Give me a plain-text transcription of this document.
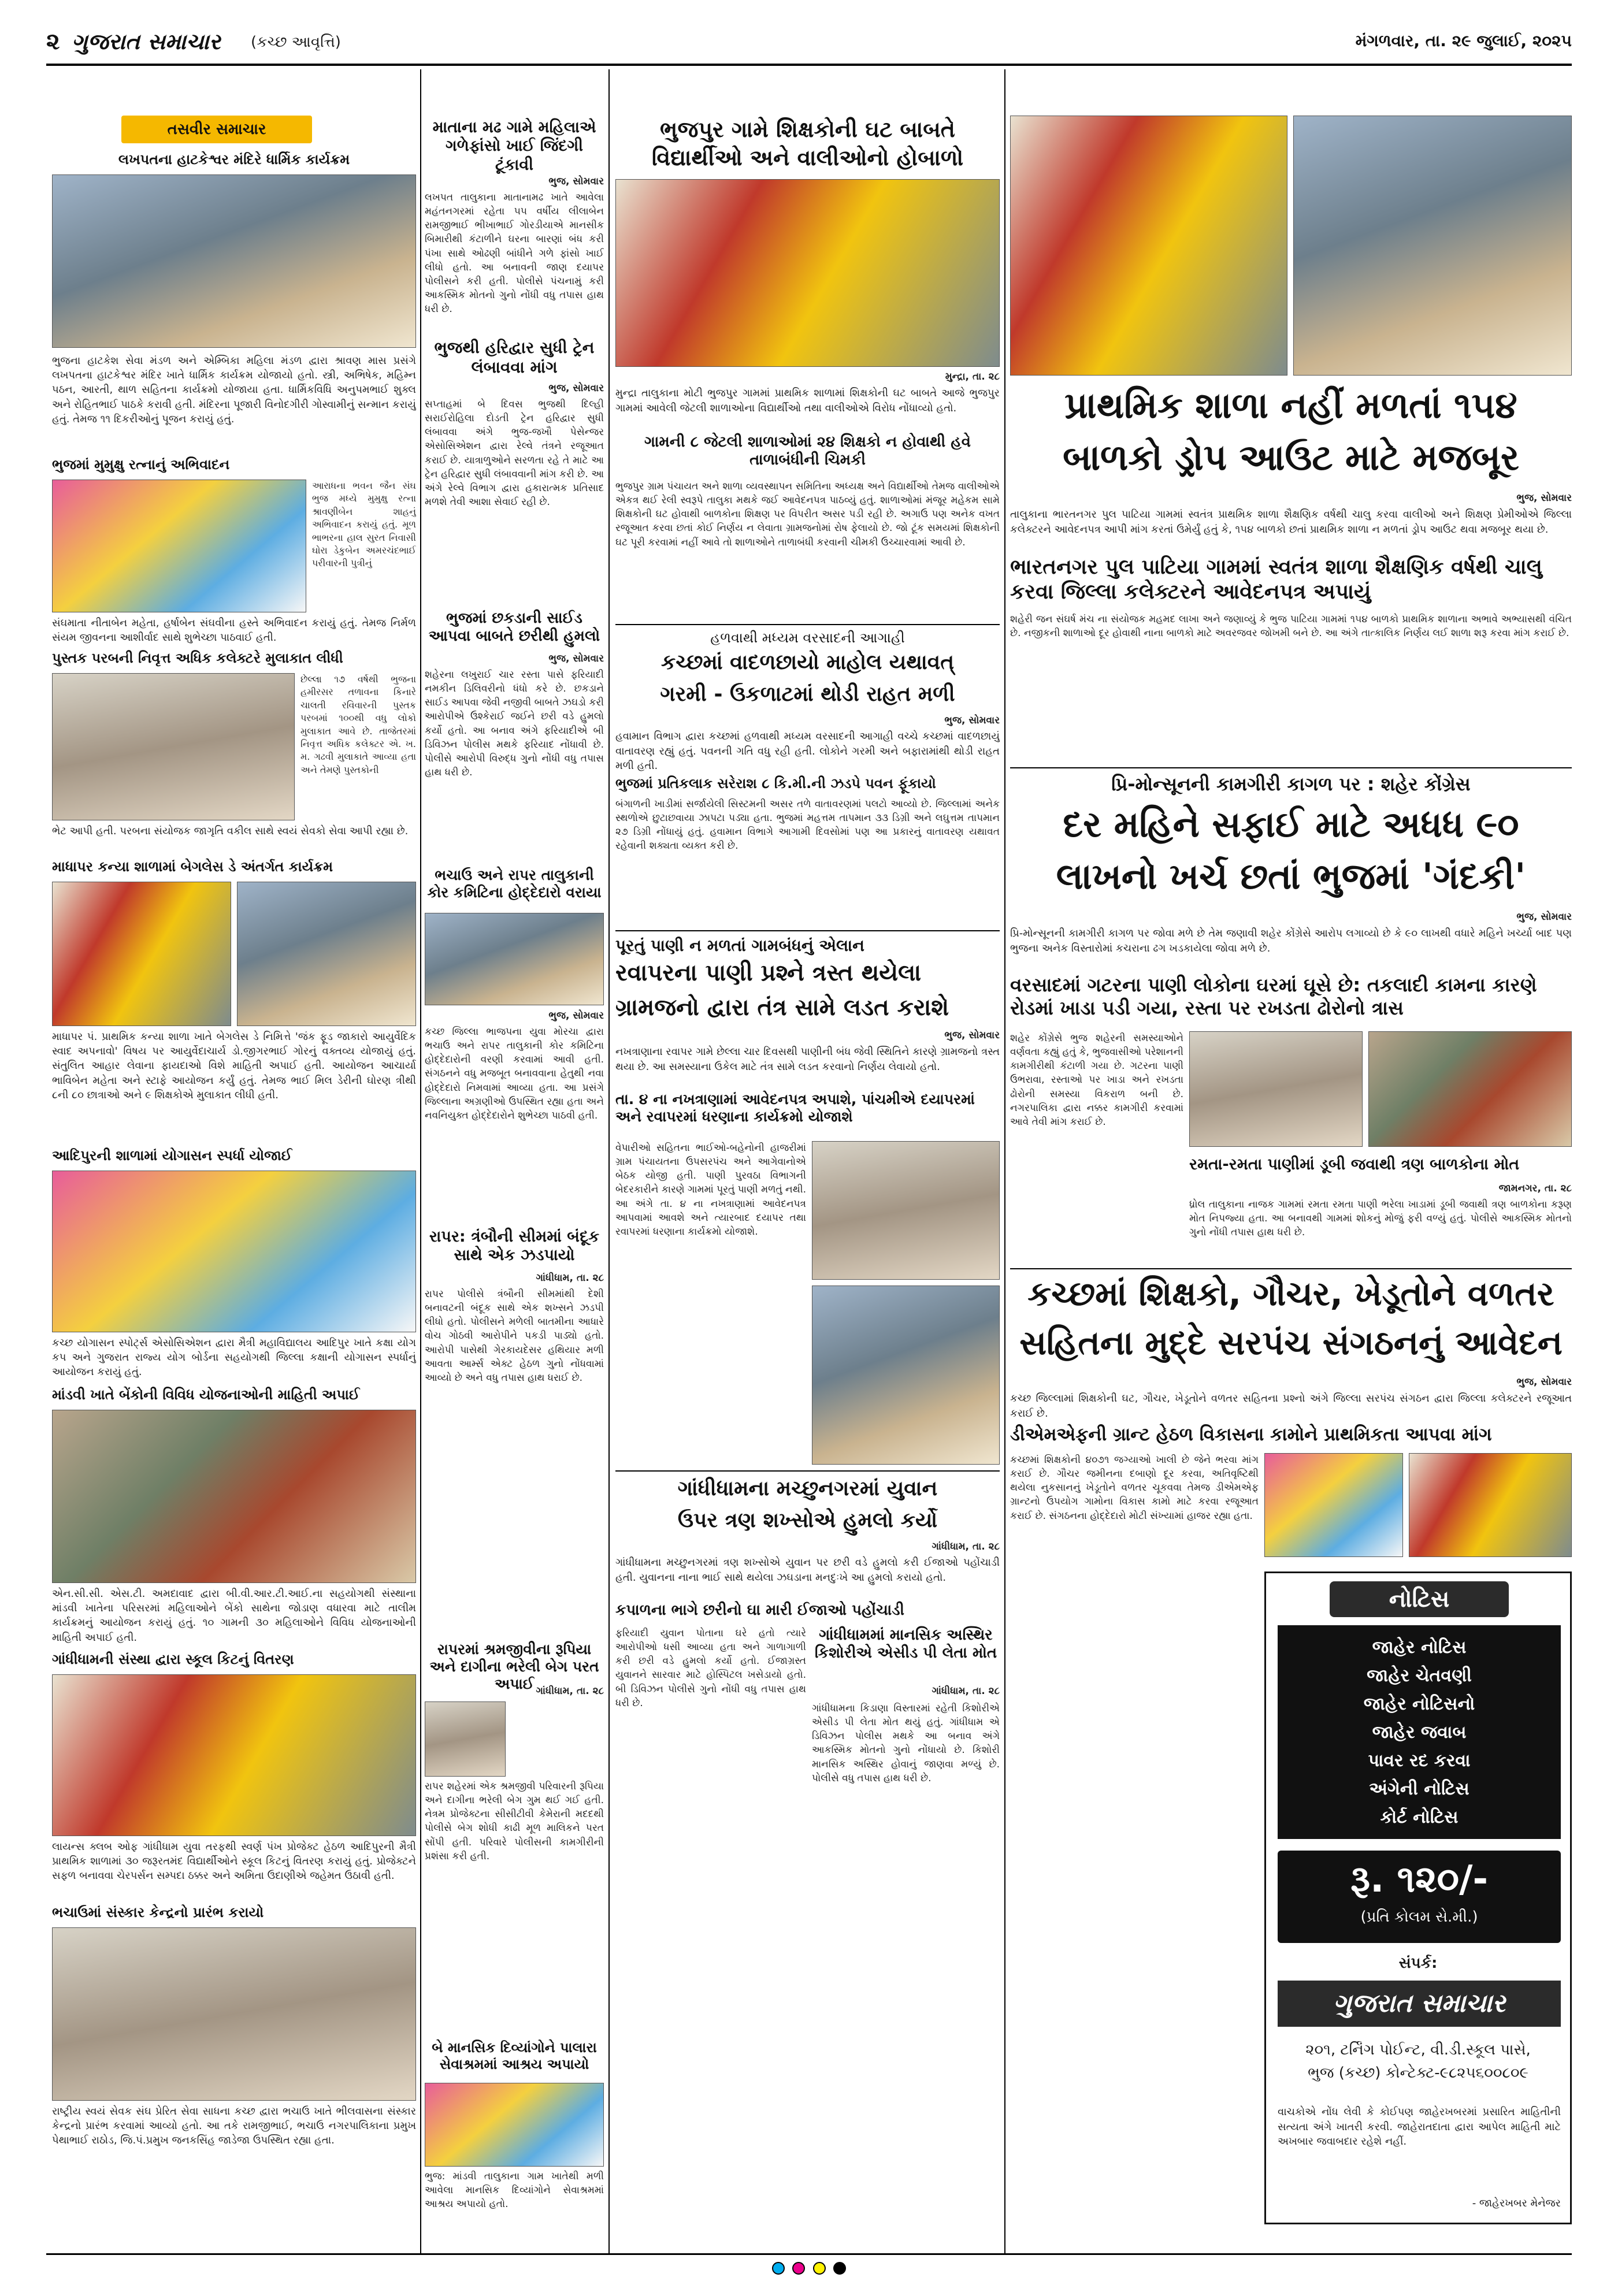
૨ ગુજરાત સમાચાર (કચ્છ આવૃત્તિ)	મંગળવાર, તા. ૨૯ જુલાઈ, ૨૦૨૫
તસવીર સમાચાર
લખપતના હાટકેશ્વર મંદિરે ધાર્મિક કાર્યક્રમ
ભુજના હાટકેશ સેવા મંડળ અને એમ્બિકા મહિલા મંડળ દ્વારા શ્રાવણ માસ પ્રસંગે લખપતના હાટકેશ્વર મંદિર ખાતે ધાર્મિક કાર્યક્રમ યોજાયો હતો. સ્ત્રી, અભિષેક, મહિમ્ન પઠન, આરતી, થાળ સહિતના કાર્યક્રમો યોજાયા હતા. ધાર્મિકવિધિ અનુપમભાઈ શુક્લ અને રોહિતભાઈ પાઠકે કરાવી હતી. મંદિરના પૂજારી વિનોદગીરી ગોસ્વામીનું સન્માન કરાયું હતું. તેમજ ૧૧ દિકરીઓનું પૂજન કરાયું હતું.
ભુજમાં મુમુક્ષુ રત્નાનું અભિવાદન
આરાધના ભવન જૈન સંઘ ભુજ મધ્યે મુમુક્ષુ રત્ના શ્રાવણીબેન શાહનું અભિવાદન કરાયું હતું. મૂળ ભાભરના હાલ સુરત નિવાસી ઘોરા ડેકુબેન અમરચંદભાઈ પરીવારની પુત્રીનું
સંઘમાતા નીતાબેન મહેતા, હર્ષાબેન સંઘવીના હસ્તે અભિવાદન કરાયું હતું. તેમજ નિર્મળ સંયમ જીવનના આશીર્વાદ સાથે શુભેચ્છા પાઠવાઈ હતી.
પુસ્તક પરબની નિવૃત્ત અધિક કલેક્ટરે મુલાકાત લીધી
છેલ્લા ૧૭ વર્ષથી ભુજના હમીરસર તળાવના કિનારે ચાલતી રવિવારની પુસ્તક પરબમાં ૧૦૦થી વધુ લોકો મુલાકાત આવે છે. તાજેતરમાં નિવૃત્ત અધિક કલેક્ટર એ. ખ. મ. ગઢવી મુલાકાતે આવ્યા હતા અને તેમણે પુસ્તકોની
ભેટ આપી હતી. પરબના સંયોજક જાગૃતિ વકીલ સાથે સ્વયં સેવકો સેવા આપી રહ્યા છે.
માધાપર કન્યા શાળામાં બેગલેસ ડે અંતર્ગત કાર્યક્રમ
માધાપર પં. પ્રાથમિક કન્યા શાળા ખાતે બેગલેસ ડે નિમિત્તે 'જંક ફૂડ જાકારો આયુર્વેદિક સ્વાદ અપનાવો' વિષય પર આયુર્વેદાચાર્ય ડો.જીગરભાઈ ગોરનું વક્તવ્ય યોજાયું હતું. સંતુલિત આહાર લેવાના ફાયદાઓ વિશે માહિતી અપાઈ હતી. આયોજન આચાર્યા ભાવિબેન મહેતા અને સ્ટાફે આયોજન કર્યું હતું. તેમજ ભાઈ મિલ ડેરીની ઘોરણ ત્રીથી ૮ની ૮૦ છાત્રાઓ અને ૯ શિક્ષકોએ મુલાકાત લીધી હતી.
આદિપુરની શાળામાં યોગાસન સ્પર્ધા યોજાઈ
કચ્છ યોગાસન સ્પોર્ટ્સ એસોસિએશન દ્વારા મૈત્રી મહાવિદ્યાલય આદિપુર ખાતે કક્ષા યોગ કપ અને ગુજરાત રાજ્ય યોગ બોર્ડના સહયોગથી જિલ્લા કક્ષાની યોગાસન સ્પર્ધાનું આયોજન કરાયું હતું.
માંડવી ખાતે બેંકોની વિવિધ યોજનાઓની માહિતી અપાઈ
એન.સી.સી. એસ.ટી. અમદાવાદ દ્વારા બી.વી.આર.ટી.આઈ.ના સહયોગથી સંસ્થાના માંડવી ખાતેના પરિસરમાં મહિલાઓને બેંકો સાથેના જોડાણ વધારવા માટે તાલીમ કાર્યક્રમનું આયોજન કરાયું હતું. ૧૦ ગામની ૩૦ મહિલાઓને વિવિધ યોજનાઓની માહિતી અપાઈ હતી.
ગાંધીધામની સંસ્થા દ્વારા સ્કૂલ કિટનું વિતરણ
લાયન્સ ક્લબ ઓફ ગાંધીધામ યુવા તરફથી સ્વર્ણ પંખ પ્રોજેક્ટ હેઠળ આદિપુરની મૈત્રી પ્રાથમિક શાળામાં ૩૦ જરૂરતમંદ વિદ્યાર્થીઓને સ્કૂલ કિટનું વિતરણ કરાયું હતું. પ્રોજેક્ટને સફળ બનાવવા ચેરપર્સન સમ્પદા ઠક્કર અને અમિતા ઉદાણીએ જહેમત ઉઠાવી હતી.
ભચાઉમાં સંસ્કાર કેન્દ્રનો પ્રારંભ કરાયો
રાષ્ટ્રીય સ્વયં સેવક સંઘ પ્રેરિત સેવા સાધના કચ્છ દ્વારા ભચાઉ ખાતે ભીલવાસના સંસ્કાર કેન્દ્રનો પ્રારંભ કરવામાં આવ્યો હતો. આ તકે રામજીભાઈ, ભચાઉ નગરપાલિકાના પ્રમુખ પેથાભાઈ રાઠોડ, જિ.પં.પ્રમુખ જનકસિંહ જાડેજા ઉપસ્થિત રહ્યા હતા.
માતાના મઢ ગામે મહિલાએ ગળેફાંસો ખાઈ જિંદગી ટૂંકાવી
ભુજ, સોમવાર
લખપત તાલુકાના માતાનામઢ ખાતે આવેલા મહંતનગરમાં રહેતા ૫૫ વર્ષીય લીલાબેન રામજીભાઈ ભીખાભાઈ ગોરડીયાએ માનસીક બિમારીથી કંટાળીને ઘરના બારણાં બંધ કરી પંખા સાથે ઓઢણી બાંધીને ગળે ફાંસો ખાઈ લીધો હતો. આ બનાવની જાણ દયાપર પોલીસને કરી હતી. પોલીસે પંચનામું કરી આકસ્મિક મોતનો ગુનો નોંધી વધુ તપાસ હાથ ધરી છે.
ભુજથી હરિદ્વાર સુધી ટ્રેન લંબાવવા માંગ
ભુજ, સોમવાર
સપ્તાહમાં બે દિવસ ભુજથી દિલ્હી સરાઈરોહિલા દોડતી ટ્રેન હરિદ્વાર સુધી લંબાવવા અંગે ભુજ-જખૌ પેસેન્જર એસોસિએશન દ્વારા રેલ્વે તંત્રને રજૂઆત કરાઈ છે. યાત્રાળુઓને સરળતા રહે તે માટે આ ટ્રેન હરિદ્વાર સુધી લંબાવવાની માંગ કરી છે. આ અંગે રેલ્વે વિભાગ દ્વારા હકારાત્મક પ્રતિસાદ મળશે તેવી આશા સેવાઈ રહી છે.
ભુજમાં છકડાની સાઈડ આપવા બાબતે છરીથી હુમલો
ભુજ, સોમવાર
શહેરના લખુરાઈ ચાર રસ્તા પાસે ફરિયાદી નમકીન ડિલિવરીનો ધંધો કરે છે. છકડાને સાઈડ આપવા જેવી નજીવી બાબતે ઝઘડો કરી આરોપીએ ઉશ્કેરાઈ જઈને છરી વડે હુમલો કર્યો હતો. આ બનાવ અંગે ફરિયાદીએ બી ડિવિઝન પોલીસ મથકે ફરિયાદ નોંધાવી છે. પોલીસે આરોપી વિરુદ્ધ ગુનો નોંધી વધુ તપાસ હાથ ધરી છે.
ભચાઉ અને રાપર તાલુકાની કોર કમિટિના હોદ્દેદારો વરાયા
ભુજ, સોમવાર
કચ્છ જિલ્લા ભાજપના યુવા મોરચા દ્વારા ભચાઉ અને રાપર તાલુકાની કોર કમિટિના હોદ્દેદારોની વરણી કરવામાં આવી હતી. સંગઠનને વધુ મજબૂત બનાવવાના હેતુથી નવા હોદ્દેદારો નિમવામાં આવ્યા હતા. આ પ્રસંગે જિલ્લાના અગ્રણીઓ ઉપસ્થિત રહ્યા હતા અને નવનિયુક્ત હોદ્દેદારોને શુભેચ્છા પાઠવી હતી.
રાપર: ત્રંબૌની સીમમાં બંદૂક સાથે એક ઝડપાયો
ગાંધીધામ, તા. ૨૮
રાપર પોલીસે ત્રંબૌની સીમમાંથી દેશી બનાવટની બંદૂક સાથે એક શખ્સને ઝડપી લીધો હતો. પોલીસને મળેલી બાતમીના આધારે વોચ ગોઠવી આરોપીને પકડી પાડ્યો હતો. આરોપી પાસેથી ગેરકાયદેસર હથિયાર મળી આવતા આર્મ્સ એક્ટ હેઠળ ગુનો નોંધવામાં આવ્યો છે અને વધુ તપાસ હાથ ધરાઈ છે.
રાપરમાં શ્રમજીવીના રૂપિયા અને દાગીના ભરેલી બેગ પરત અપાઈ ગાંધીધામ, તા. ૨૮
રાપર શહેરમાં એક શ્રમજીવી પરિવારની રૂપિયા અને દાગીના ભરેલી બેગ ગુમ થઈ ગઈ હતી. નેત્રમ પ્રોજેક્ટના સીસીટીવી કેમેરાની મદદથી પોલીસે બેગ શોધી કાઢી મૂળ માલિકને પરત સોંપી હતી. પરિવારે પોલીસની કામગીરીની પ્રશંસા કરી હતી.
બે માનસિક દિવ્યાંગોને પાલારા સેવાશ્રમમાં આશ્રય અપાયો
ભુજ: માંડવી તાલુકાના ગામ ખાતેથી મળી આવેલા માનસિક દિવ્યાંગોને સેવાશ્રમમાં આશ્રય અપાયો હતો.
ભુજપુર ગામે શિક્ષકોની ઘટ બાબતે વિદ્યાર્થીઓ અને વાલીઓનો હોબાળો
મુન્દ્રા, તા. ૨૮
મુન્દ્રા તાલુકાના મોટી ભુજપુર ગામમાં પ્રાથમિક શાળામાં શિક્ષકોની ઘટ બાબતે આજે ભુજપુર ગામમાં આવેલી જેટલી શાળાઓના વિદ્યાર્થીઓ તથા વાલીઓએ વિરોધ નોંધાવ્યો હતો.
ગામની ૮ જેટલી શાળાઓમાં ૨૪ શિક્ષકો ન હોવાથી હવે તાળાબંધીની ચિમકી
ભુજપુર ગ્રામ પંચાયત અને શાળા વ્યવસ્થાપન સમિતિના અધ્યક્ષ અને વિદ્યાર્થીઓ તેમજ વાલીઓએ એકત્ર થઈ રેલી સ્વરૂપે તાલુકા મથકે જઈ આવેદનપત્ર પાઠવ્યું હતું. શાળાઓમાં મંજૂર મહેકમ સામે શિક્ષકોની ઘટ હોવાથી બાળકોના શિક્ષણ પર વિપરીત અસર પડી રહી છે. અગાઉ પણ અનેક વખત રજૂઆત કરવા છતાં કોઈ નિર્ણય ન લેવાતા ગ્રામજનોમાં રોષ ફેલાયો છે. જો ટૂંક સમયમાં શિક્ષકોની ઘટ પૂરી કરવામાં નહીં આવે તો શાળાઓને તાળાબંધી કરવાની ચીમકી ઉચ્ચારવામાં આવી છે.
હળવાથી મધ્યમ વરસાદની આગાહી
કચ્છમાં વાદળછાયો માહોલ યથાવત્
ગરમી - ઉકળાટમાં થોડી રાહત મળી
ભુજ, સોમવાર
હવામાન વિભાગ દ્વારા કચ્છમાં હળવાથી મધ્યમ વરસાદની આગાહી વચ્ચે કચ્છમાં વાદળછાયું વાતાવરણ રહ્યું હતું. પવનની ગતિ વધુ રહી હતી. લોકોને ગરમી અને બફારામાંથી થોડી રાહત મળી હતી.
ભુજમાં પ્રતિકલાક સરેરાશ ૮ કિ.મી.ની ઝડપે પવન ફૂંકાયો
બંગાળની ખાડીમાં સર્જાયેલી સિસ્ટમની અસર તળે વાતાવરણમાં પલટો આવ્યો છે. જિલ્લામાં અનેક સ્થળોએ છુટાછવાયા ઝાપટા પડ્યા હતા. ભુજમાં મહત્તમ તાપમાન ૩૩ ડિગ્રી અને લઘુત્તમ તાપમાન ૨૭ ડિગ્રી નોંધાયું હતું. હવામાન વિભાગે આગામી દિવસોમાં પણ આ પ્રકારનું વાતાવરણ યથાવત રહેવાની શક્યતા વ્યક્ત કરી છે.
પૂરતું પાણી ન મળતાં ગામબંધનું એલાન
રવાપરના પાણી પ્રશ્ને ત્રસ્ત થયેલા
ગ્રામજનો દ્વારા તંત્ર સામે લડત કરાશે
ભુજ, સોમવાર
નખત્રાણાના રવાપર ગામે છેલ્લા ચાર દિવસથી પાણીની બંધ જેવી સ્થિતિને કારણે ગ્રામજનો ત્રસ્ત થયા છે. આ સમસ્યાના ઉકેલ માટે તંત્ર સામે લડત કરવાનો નિર્ણય લેવાયો હતો.
તા. ૪ ના નખત્રાણામાં આવેદનપત્ર અપાશે, પાંચમીએ દયાપરમાં અને રવાપરમાં ધરણાના કાર્યક્રમો યોજાશે
વેપારીઓ સહિતના ભાઈઓ-બહેનોની હાજરીમાં ગ્રામ પંચાયતના ઉપસરપંચ અને આગેવાનોએ બેઠક યોજી હતી. પાણી પુરવઠા વિભાગની બેદરકારીને કારણે ગામમાં પૂરતું પાણી મળતું નથી. આ અંગે તા. ૪ ના નખત્રાણામાં આવેદનપત્ર આપવામાં આવશે અને ત્યારબાદ દયાપર તથા રવાપરમાં ધરણાના કાર્યક્રમો યોજાશે.
ગાંધીધામના મચ્છુનગરમાં યુવાન
ઉપર ત્રણ શખ્સોએ હુમલો કર્યો
ગાંધીધામ, તા. ૨૮
ગાંધીધામના મચ્છુનગરમાં ત્રણ શખ્સોએ યુવાન પર છરી વડે હુમલો કરી ઈજાઓ પહોંચાડી હતી. યુવાનના નાના ભાઈ સાથે થયેલા ઝઘડાના મનદુઃખે આ હુમલો કરાયો હતો.
કપાળના ભાગે છરીનો ઘા મારી ઈજાઓ પહોંચાડી
ફરિયાદી યુવાન પોતાના ઘરે હતો ત્યારે આરોપીઓ ધસી આવ્યા હતા અને ગાળાગાળી કરી છરી વડે હુમલો કર્યો હતો. ઈજાગ્રસ્ત યુવાનને સારવાર માટે હોસ્પિટલ ખસેડાયો હતો. બી ડિવિઝન પોલીસે ગુનો નોંધી વધુ તપાસ હાથ ધરી છે.
ગાંધીધામમાં માનસિક અસ્થિર કિશોરીએ એસીડ પી લેતા મોત
ગાંધીધામ, તા. ૨૮
ગાંધીધામના કિડાણા વિસ્તારમાં રહેતી કિશોરીએ એસીડ પી લેતા મોત થયું હતું. ગાંધીધામ એ ડિવિઝન પોલીસ મથકે આ બનાવ અંગે આકસ્મિક મોતનો ગુનો નોંધાયો છે. કિશોરી માનસિક અસ્થિર હોવાનું જાણવા મળ્યું છે. પોલીસે વધુ તપાસ હાથ ધરી છે.
પ્રાથમિક શાળા નહીં મળતાં ૧૫૪
બાળકો ડ્રોપ આઉટ માટે મજબૂર
ભુજ, સોમવાર
તાલુકાના ભારતનગર પુલ પાટિયા ગામમાં સ્વતંત્ર પ્રાથમિક શાળા શૈક્ષણિક વર્ષથી ચાલુ કરવા વાલીઓ અને શિક્ષણ પ્રેમીઓએ જિલ્લા કલેક્ટરને આવેદનપત્ર આપી માંગ કરતાં ઉમેર્યું હતું કે, ૧૫૪ બાળકો છતાં પ્રાથમિક શાળા ન મળતાં ડ્રોપ આઉટ થવા મજબૂર થયા છે.
ભારતનગર પુલ પાટિયા ગામમાં સ્વતંત્ર શાળા શૈક્ષણિક વર્ષથી ચાલુ કરવા જિલ્લા કલેક્ટરને આવેદનપત્ર અપાયું
શહેરી જન સંઘર્ષ મંચ ના સંયોજક મહમદ લાખા અને જણાવ્યું કે ભુજ પાટિયા ગામમાં ૧૫૪ બાળકો પ્રાથમિક શાળાના અભાવે અભ્યાસથી વંચિત છે. નજીકની શાળાઓ દૂર હોવાથી નાના બાળકો માટે અવરજવર જોખમી બને છે. આ અંગે તાત્કાલિક નિર્ણય લઈ શાળા શરૂ કરવા માંગ કરાઈ છે.
પ્રિ-મોન્સૂનની કામગીરી કાગળ પર : શહેર કોંગ્રેસ
દર મહિને સફાઈ માટે અધધ ૯૦
લાખનો ખર્ચ છતાં ભુજમાં 'ગંદકી'
ભુજ, સોમવાર
પ્રિ-મોન્સૂનની કામગીરી કાગળ પર જોવા મળે છે તેમ જણાવી શહેર કોંગ્રેસે આરોપ લગાવ્યો છે કે ૯૦ લાખથી વધારે મહિને ખર્ચ્યા બાદ પણ ભુજના અનેક વિસ્તારોમાં કચરાના ઢગ ખડકાયેલા જોવા મળે છે.
વરસાદમાં ગટરના પાણી લોકોના ઘરમાં ઘૂસે છે: તકલાદી કામના કારણે રોડમાં ખાડા પડી ગયા, રસ્તા પર રખડતા ઢોરોનો ત્રાસ
શહેર કોંગ્રેસે ભુજ શહેરની સમસ્યાઓને વર્ણવતા કહ્યું હતું કે, ભુજવાસીઓ પરેશાનની કામગીરીથી કંટાળી ગયા છે. ગટરના પાણી ઉભરાવા, રસ્તાઓ પર ખાડા અને રખડતા ઢોરોની સમસ્યા વિકરાળ બની છે. નગરપાલિકા દ્વારા નક્કર કામગીરી કરવામાં આવે તેવી માંગ કરાઈ છે.
રમતા-રમતા પાણીમાં ડૂબી જવાથી ત્રણ બાળકોના મોત
જામનગર, તા. ૨૮
ધ્રોલ તાલુકાના નાજક ગામમાં રમતા રમતા પાણી ભરેલા ખાડામાં ડૂબી જવાથી ત્રણ બાળકોના કરૂણ મોત નિપજ્યા હતા. આ બનાવથી ગામમાં શોકનું મોજું ફરી વળ્યું હતું. પોલીસે આકસ્મિક મોતનો ગુનો નોંધી તપાસ હાથ ધરી છે.
કચ્છમાં શિક્ષકો, ગૌચર, ખેડૂતોને વળતર
સહિતના મુદ્દે સરપંચ સંગઠનનું આવેદન
ભુજ, સોમવાર
કચ્છ જિલ્લામાં શિક્ષકોની ઘટ, ગૌચર, ખેડૂતોને વળતર સહિતના પ્રશ્નો અંગે જિલ્લા સરપંચ સંગઠન દ્વારા જિલ્લા કલેક્ટરને રજૂઆત કરાઈ છે.
ડીએમએફની ગ્રાન્ટ હેઠળ વિકાસના કામોને પ્રાથમિકતા આપવા માંગ
કચ્છમાં શિક્ષકોની ૪૦૭૧ જગ્યાઓ ખાલી છે જેને ભરવા માંગ કરાઈ છે. ગૌચર જમીનના દબાણો દૂર કરવા, અતિવૃષ્ટિથી થયેલા નુકસાનનું ખેડૂતોને વળતર ચૂકવવા તેમજ ડીએમએફ ગ્રાન્ટનો ઉપયોગ ગામોના વિકાસ કામો માટે કરવા રજૂઆત કરાઈ છે. સંગઠનના હોદ્દેદારો મોટી સંખ્યામાં હાજર રહ્યા હતા.
નોટિસ
જાહેર નોટિસ
જાહેર ચેતવણી
જાહેર નોટિસનો
જાહેર જવાબ
પાવર રદ કરવા
અંગેની નોટિસ
કોર્ટ નોટિસ
રૂ. ૧૨૦/-
(પ્રતિ કોલમ સે.મી.)
સંપર્ક:
ગુજરાત સમાચાર
૨૦૧, ટર્નિંગ પોઈન્ટ, વી.ડી.સ્કૂલ પાસે,
ભુજ (કચ્છ) કોન્ટેક્ટ-૯૮૨૫૬૦૦૮૦૯
વાચકોએ નોંધ લેવી કે કોઈપણ જાહેરખબરમાં પ્રસારિત માહિતીની સત્યતા અંગે ખાતરી કરવી. જાહેરાતદાતા દ્વારા આપેલ માહિતી માટે અખબાર જવાબદાર રહેશે નહીં.
- જાહેરખબર મેનેજર
